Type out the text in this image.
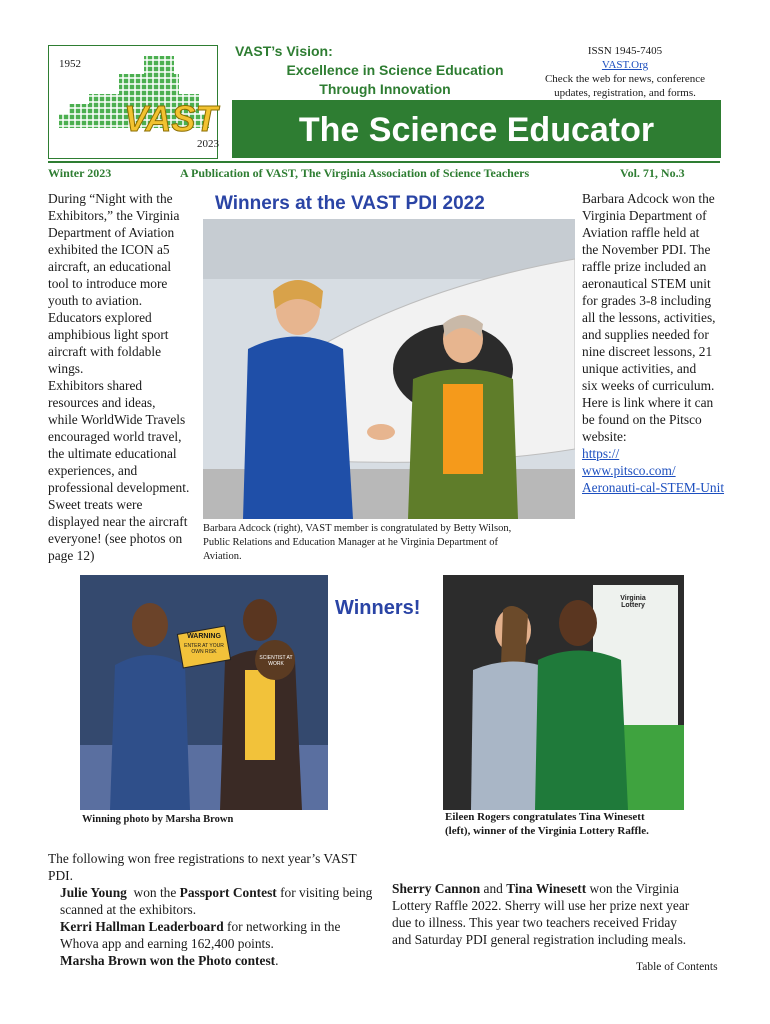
1952
VAST
2023
VAST’s Vision:
Excellence in Science Education
Through Innovation
ISSN 1945-7405
VAST.Org
Check the web for news, conference
updates, registration, and forms.
The Science Educator
Winter 2023	A Publication of VAST, The Virginia Association of Science Teachers	Vol. 71, No.3
During “Night with the
Exhibitors,” the Virginia
Department of Aviation
exhibited the ICON a5
aircraft, an educational
tool to introduce more
youth to aviation.
Educators explored
amphibious light sport
aircraft with foldable
wings.
Exhibitors shared
resources and ideas,
while WorldWide Travels
encouraged world travel,
the ultimate educational
experiences, and
professional development.
Sweet treats were
displayed near the aircraft
everyone! (see photos on
page 12)
Winners at the VAST PDI 2022
Barbara Adcock (right), VAST member is congratulated by Betty Wilson,
Public Relations and Education Manager at he Virginia Department of
Aviation.
Barbara Adcock won the
Virginia Department of
Aviation raffle held at
the November PDI. The
raffle prize included an
aeronautical STEM unit
for grades 3-8 including
all the lessons, activities,
and supplies needed for
nine discreet lessons, 21
unique activities, and
six weeks of curriculum.
Here is link where it can
be found on the Pitsco
website:
https://
www.pitsco.com/
Aeronauti-cal-STEM-Unit
WARNING
ENTER AT YOUR OWN RISK
SCIENTIST AT WORK
Winning photo by Marsha Brown
Winners!	Virginia Lottery
Eileen Rogers congratulates Tina Winesett
(left), winner of the Virginia Lottery Raffle.
The following won free registrations to next year’s VAST
PDI.
Julie Young  won the Passport Contest for visiting being
scanned at the exhibitors.
Kerri Hallman Leaderboard for networking in the
Whova app and earning 162,400 points.
Marsha Brown won the Photo contest.
Sherry Cannon and Tina Winesett won the Virginia
Lottery Raffle 2022. Sherry will use her prize next year
due to illness. This year two teachers received Friday
and Saturday PDI general registration including meals.
Table of Contents
